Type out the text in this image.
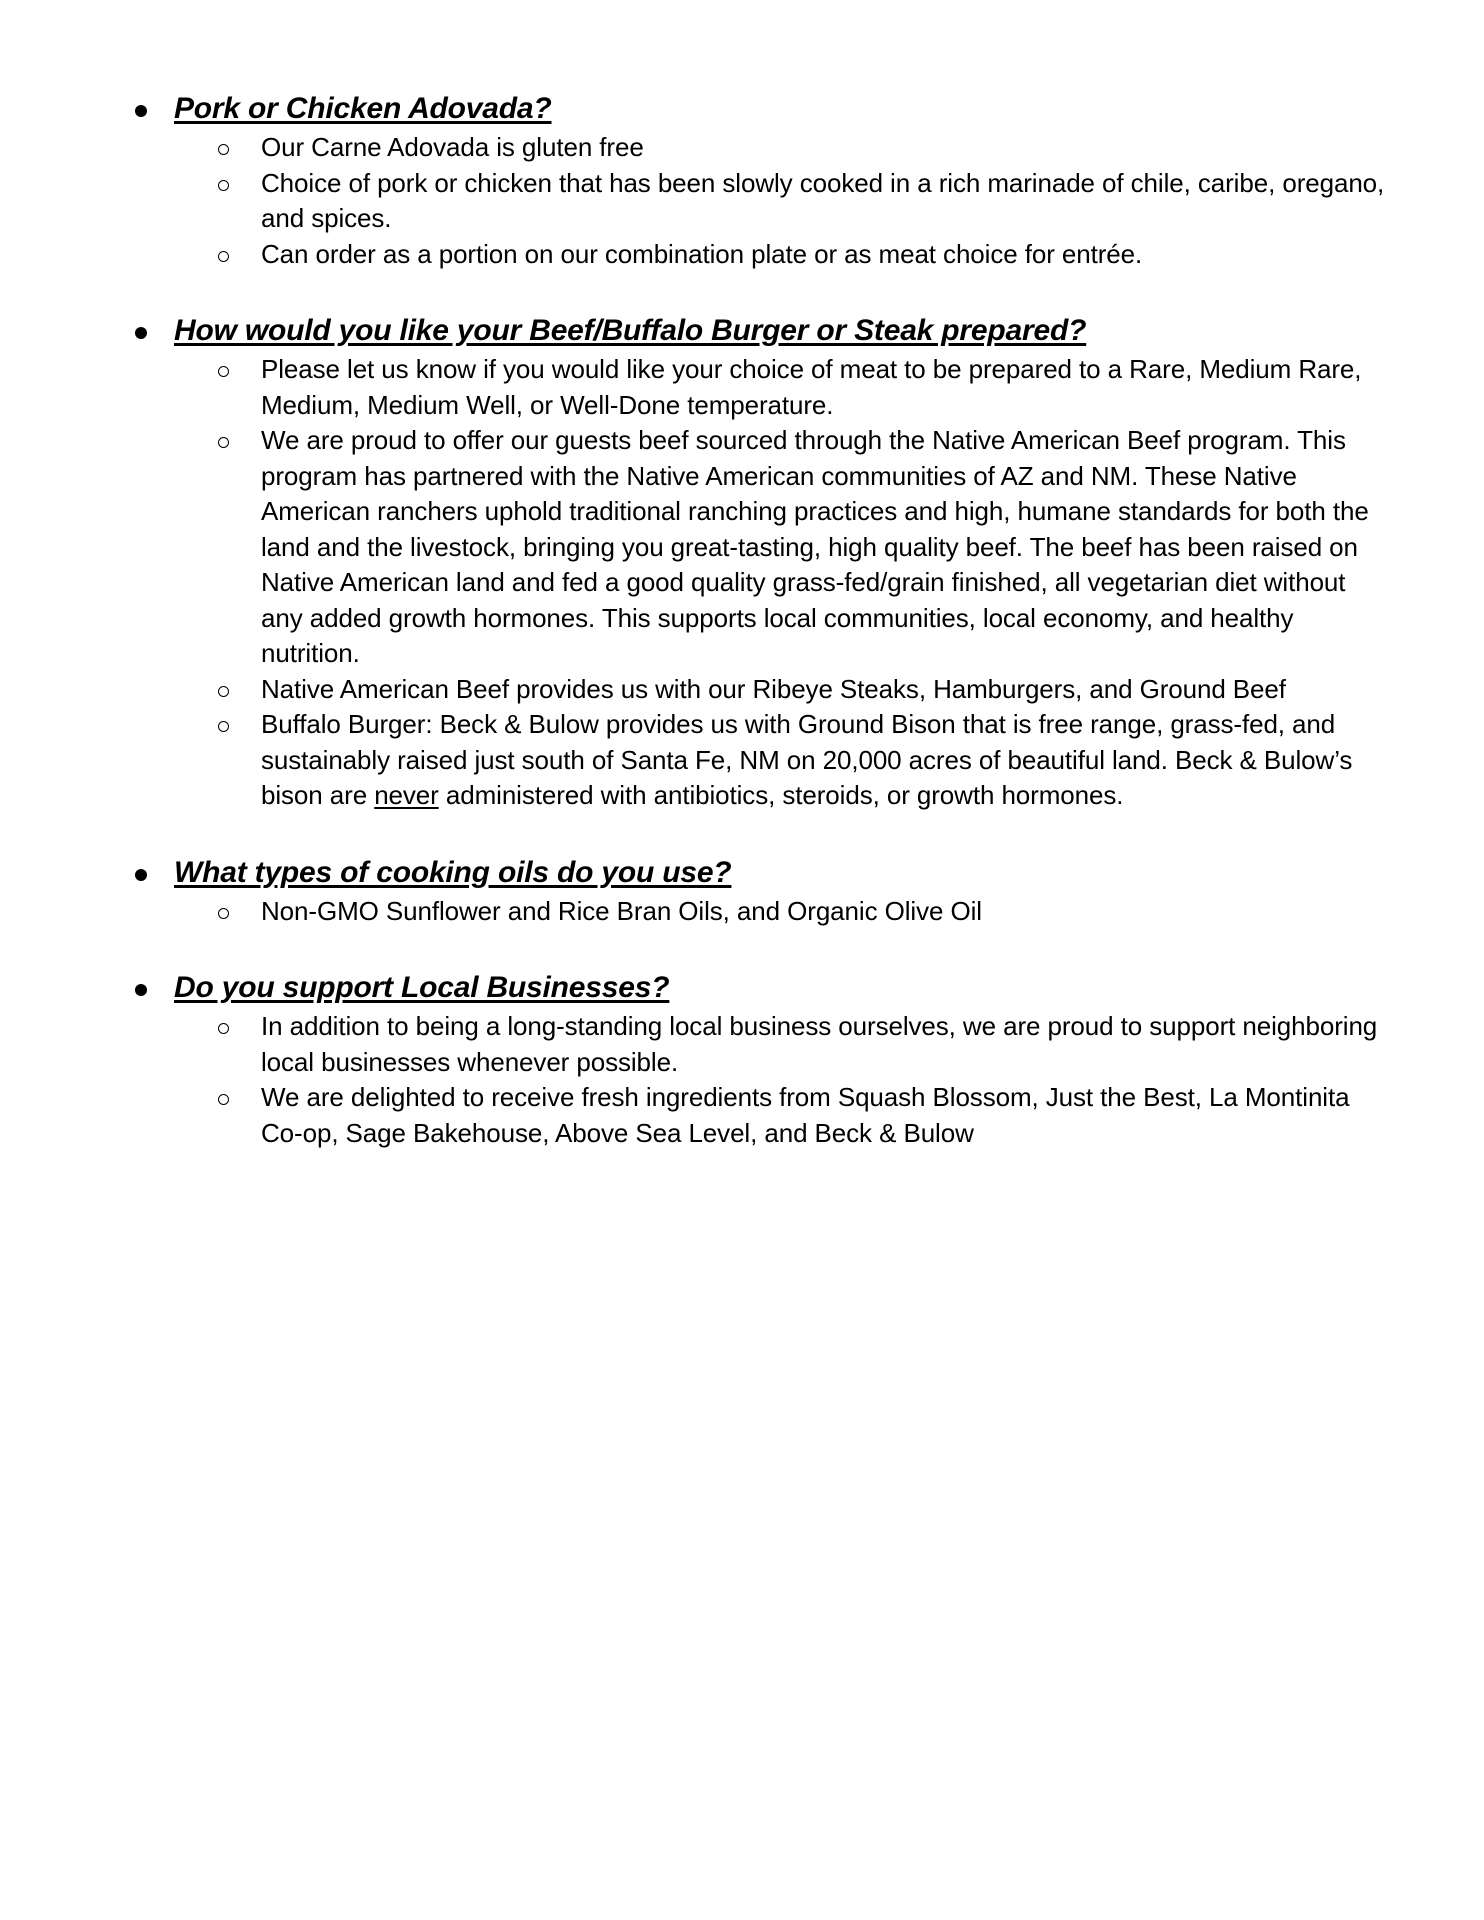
Pork or Chicken Adovada?
Our Carne Adovada is gluten free
Choice of pork or chicken that has been slowly cooked in a rich marinade of chile, caribe, oregano, and spices.
Can order as a portion on our combination plate or as meat choice for entrée.
How would you like your Beef/Buffalo Burger or Steak prepared?
Please let us know if you would like your choice of meat to be prepared to a Rare, Medium Rare, Medium, Medium Well, or Well-Done temperature.
We are proud to offer our guests beef sourced through the Native American Beef program. This program has partnered with the Native American communities of AZ and NM. These Native American ranchers uphold traditional ranching practices and high, humane standards for both the land and the livestock, bringing you great-tasting, high quality beef. The beef has been raised on Native American land and fed a good quality grass-fed/grain finished, all vegetarian diet without any added growth hormones. This supports local communities, local economy, and healthy nutrition.
Native American Beef provides us with our Ribeye Steaks, Hamburgers, and Ground Beef
Buffalo Burger: Beck & Bulow provides us with Ground Bison that is free range, grass-fed, and sustainably raised just south of Santa Fe, NM on 20,000 acres of beautiful land. Beck & Bulow’s bison are never administered with antibiotics, steroids, or growth hormones.
What types of cooking oils do you use?
Non-GMO Sunflower and Rice Bran Oils, and Organic Olive Oil
Do you support Local Businesses?
In addition to being a long-standing local business ourselves, we are proud to support neighboring local businesses whenever possible.
We are delighted to receive fresh ingredients from Squash Blossom, Just the Best, La Montinita Co-op, Sage Bakehouse, Above Sea Level, and Beck & Bulow
